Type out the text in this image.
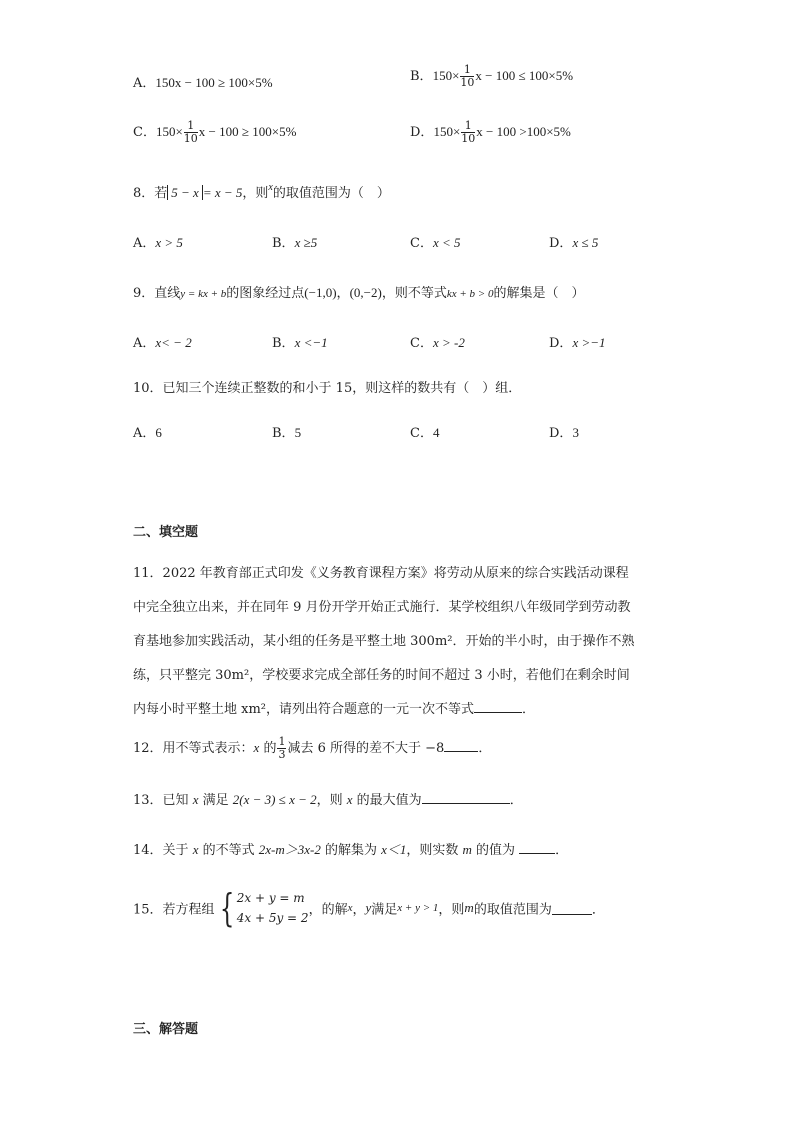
A．150x − 100 ≥ 100×5%	B．$150\times \frac{1}{10}$ x − 100 ≤ 100×5%
C．$150\times \frac{1}{10}$ x − 100 ≥ 100×5%	D．$150\times \frac{1}{10}$ x − 100 >100×5%
8．若 5 − x = x − 5，则$^x$的取值范围为（　）
A．x > 5	B．x ≥5	C．x < 5	D．x ≤ 5
9．直线y = kx + b的图象经过点(−1,0)，(0,−2)，则不等式kx + b > 0的解集是（　）
A．x< − 2	B．x <−1	C．x > -2	D．x >−1
10．已知三个连续正整数的和小于 15，则这样的数共有（　）组．
A．6	B．5	C．4	D．3
二、填空题
11．2022 年教育部正式印发《义务教育课程方案》将劳动从原来的综合实践活动课程
中完全独立出来，并在同年 9 月份开学开始正式施行．某学校组织八年级同学到劳动教
育基地参加实践活动，某小组的任务是平整土地 300m²．开始的半小时，由于操作不熟
练，只平整完 30m²，学校要求完成全部任务的时间不超过 3 小时，若他们在剩余时间
内每小时平整土地 xm²，请列出符合题意的一元一次不等式	．
12．用不等式表示：x 的 $\frac{1}{3}$ 减去 6 所得的差不大于 −8	．
13．已知 x 满足 2(x − 3) ≤ x − 2，则 x 的最大值为	．
14．关于 x 的不等式 2x-m＞3x-2 的解集为 x＜1，则实数 m 的值为	．
15．若方程组 { 2x + y = m
4x + 5y = 2
，的解x，y满足x + y > 1，则m的取值范围为	．
三、解答题
